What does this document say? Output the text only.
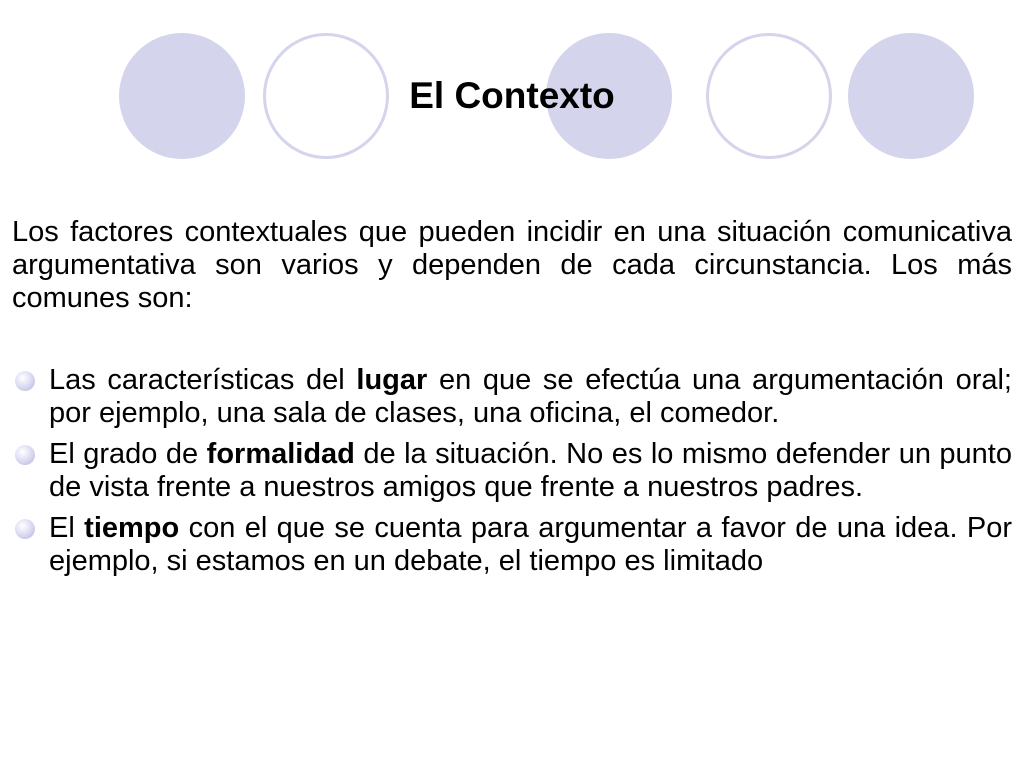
El Contexto

Los factores contextuales que pueden incidir en una situación comunicativa argumentativa son varios y dependen de cada circunstancia. Los más comunes son:

Las características del lugar en que se efectúa una argumentación oral; por ejemplo, una sala de clases, una oficina, el comedor.
El grado de formalidad de la situación. No es lo mismo defender un punto de vista frente a nuestros amigos que frente a nuestros padres.
El tiempo con el que se cuenta para argumentar a favor de una idea. Por ejemplo, si estamos en un debate, el tiempo es limitado
